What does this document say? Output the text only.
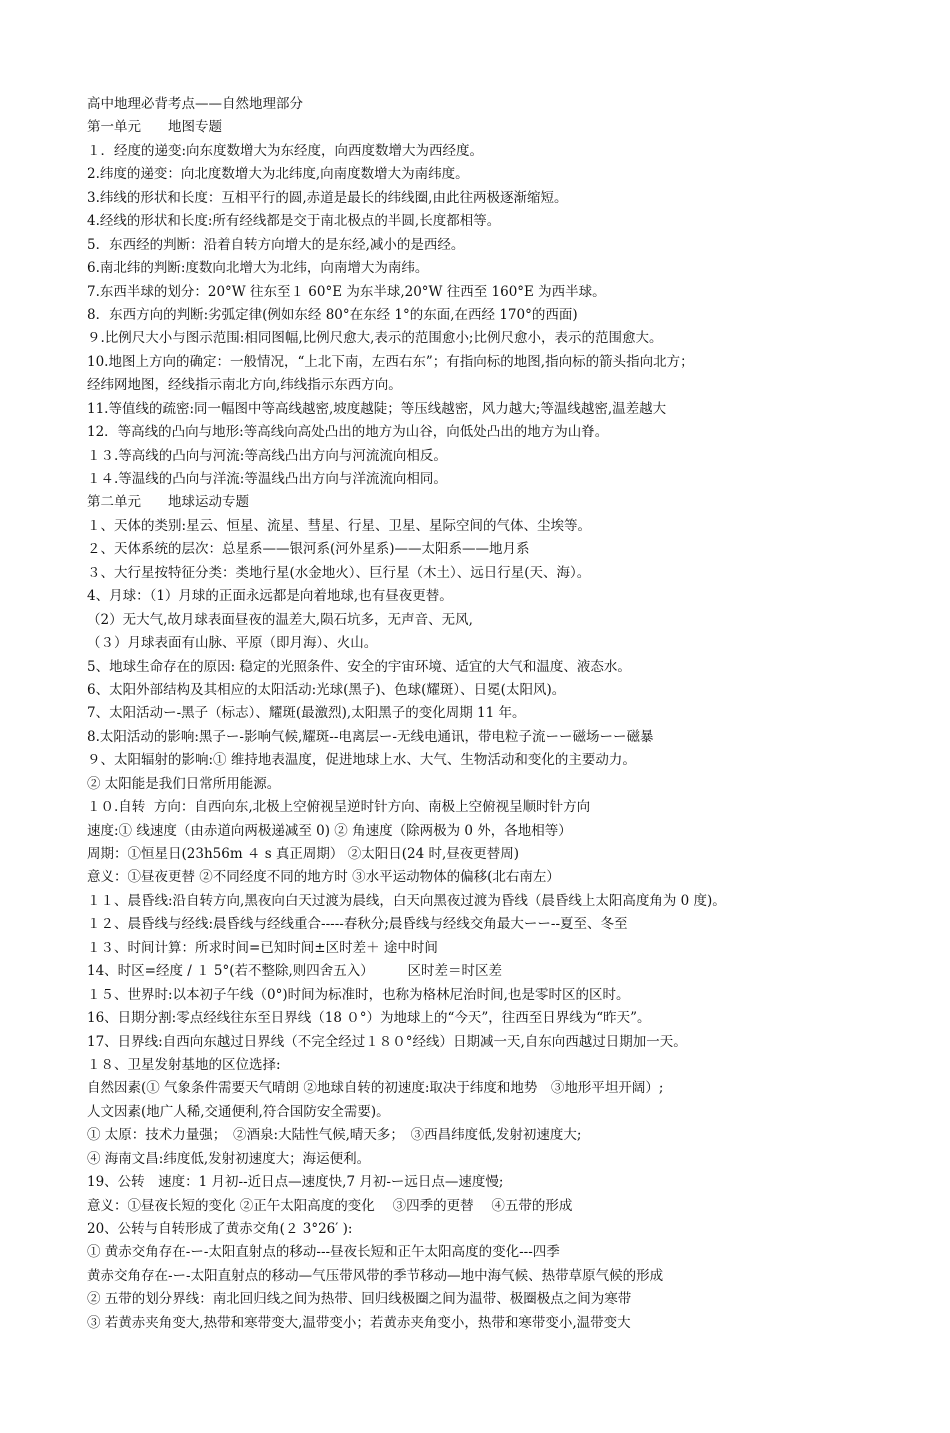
高中地理必背考点——自然地理部分
第一单元　　地图专题
１．经度的递变:向东度数增大为东经度，向西度数增大为西经度。
2.纬度的递变：向北度数增大为北纬度,向南度数增大为南纬度。
3.纬线的形状和长度：互相平行的圆,赤道是最长的纬线圈,由此往两极逐渐缩短。
4.经线的形状和长度:所有经线都是交于南北极点的半圆,长度都相等。
5．东西经的判断：沿着自转方向增大的是东经,减小的是西经。
6.南北纬的判断:度数向北增大为北纬，向南增大为南纬。
7.东西半球的划分：20°W 往东至１ 60°E 为东半球,20°W 往西至 160°E 为西半球。
8．东西方向的判断:劣弧定律(例如东经 80°在东经 1°的东面,在西经 170°的西面)
９.比例尺大小与图示范围:相同图幅,比例尺愈大,表示的范围愈小;比例尺愈小，表示的范围愈大。
10.地图上方向的确定：一般情况，“上北下南，左西右东”；有指向标的地图,指向标的箭头指向北方；
经纬网地图，经线指示南北方向,纬线指示东西方向。
11.等值线的疏密:同一幅图中等高线越密,坡度越陡；等压线越密，风力越大;等温线越密,温差越大
12．等高线的凸向与地形:等高线向高处凸出的地方为山谷，向低处凸出的地方为山脊。
１３.等高线的凸向与河流:等高线凸出方向与河流流向相反。
１４.等温线的凸向与洋流:等温线凸出方向与洋流流向相同。
第二单元　　地球运动专题
１、天体的类别:星云、恒星、流星、彗星、行星、卫星、星际空间的气体、尘埃等。
２、天体系统的层次：总星系——银河系(河外星系)——太阳系——地月系
３、大行星按特征分类：类地行星(水金地火）、巨行星（木土）、远日行星(天、海）。
4、月球：（1）月球的正面永远都是向着地球,也有昼夜更替。
（2）无大气,故月球表面昼夜的温差大,陨石坑多，无声音、无风,
（３）月球表面有山脉、平原（即月海）、火山。
5、地球生命存在的原因: 稳定的光照条件、安全的宇宙环境、适宜的大气和温度、液态水。
6、太阳外部结构及其相应的太阳活动:光球(黑子)、色球(耀斑）、日冕(太阳风)。
7、太阳活动ー-黑子（标志）、耀斑(最激烈),太阳黑子的变化周期 11 年。
8.太阳活动的影响:黑子ー-影响气候,耀斑--电离层ー-无线电通讯，带电粒子流ーー磁场ーー磁暴
９、太阳辐射的影响:① 维持地表温度，促进地球上水、大气、生物活动和变化的主要动力。
② 太阳能是我们日常所用能源。
１０.自转  方向：自西向东,北极上空俯视呈逆时针方向、南极上空俯视呈顺时针方向
速度:① 线速度（由赤道向两极递减至 0) ② 角速度（除两极为 0 外，各地相等）
周期：①恒星日(23h56m ４ s 真正周期） ②太阳日(24 时,昼夜更替周)
意义：①昼夜更替 ②不同经度不同的地方时 ③水平运动物体的偏移(北右南左）
１１、晨昏线:沿自转方向,黑夜向白天过渡为晨线，白天向黑夜过渡为昏线（晨昏线上太阳高度角为 0 度)。
１２、晨昏线与经线:晨昏线与经线重合-----春秋分;晨昏线与经线交角最大ーー--夏至、冬至
１３、时间计算：所求时间=已知时间±区时差＋ 途中时间
14、时区=经度 / １ 5°(若不整除,则四舍五入）　　　区时差＝时区差
１５、世界时:以本初子午线（0°)时间为标准时，也称为格林尼治时间,也是零时区的区时。
16、日期分割:零点经线往东至日界线（18 ０°）为地球上的“今天”，往西至日界线为“昨天”。
17、日界线:自西向东越过日界线（不完全经过１８０°经线）日期减一天,自东向西越过日期加一天。
１８、卫星发射基地的区位选择:
自然因素(① 气象条件需要天气晴朗 ②地球自转的初速度:取决于纬度和地势　③地形平坦开阔）;
人文因素(地广人稀,交通便利,符合国防安全需要)。
① 太原：技术力量强；　②酒泉:大陆性气候,晴天多；　③西昌纬度低,发射初速度大;
④ 海南文昌:纬度低,发射初速度大；海运便利。
19、公转　速度：1 月初--近日点—速度快,7 月初-ー远日点—速度慢;
意义：①昼夜长短的变化 ②正午太阳高度的变化　 ③四季的更替　 ④五带的形成
20、公转与自转形成了黄赤交角(２ 3°26′ ):
① 黄赤交角存在-ー-太阳直射点的移动---昼夜长短和正午太阳高度的变化---四季
黄赤交角存在-ー-太阳直射点的移动—气压带风带的季节移动—地中海气候、热带草原气候的形成
② 五带的划分界线：南北回归线之间为热带、回归线极圈之间为温带、极圈极点之间为寒带
③ 若黄赤夹角变大,热带和寒带变大,温带变小；若黄赤夹角变小，热带和寒带变小,温带变大
